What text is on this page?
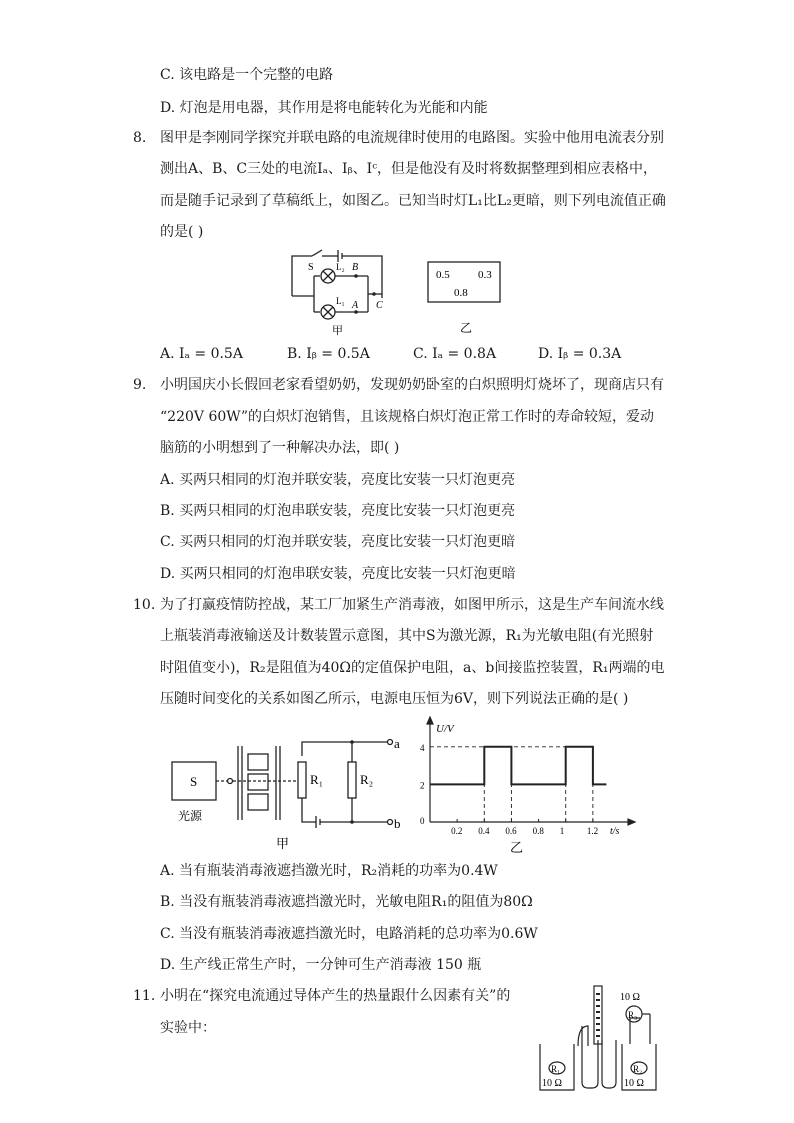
C. 该电路是一个完整的电路
D. 灯泡是用电器，其作用是将电能转化为光能和内能
8. 图甲是李刚同学探究并联电路的电流规律时使用的电路图。实验中他用电流表分别
测出A、B、C三处的电流Iₐ、Iᵦ、Iᶜ，但是他没有及时将数据整理到相应表格中，
而是随手记录到了草稿纸上，如图乙。已知当时灯L₁比L₂更暗，则下列电流值正确
的是( )
S L₂ B
L₁ A C
甲
0.5	0.3
0.8
乙
A. Iₐ = 0.5A	B. Iᵦ = 0.5A	C. Iₐ = 0.8A	D. Iᵦ = 0.3A
9. 小明国庆小长假回老家看望奶奶，发现奶奶卧室的白炽照明灯烧坏了，现商店只有
“220V 60W”的白炽灯泡销售，且该规格白炽灯泡正常工作时的寿命较短，爱动
脑筋的小明想到了一种解决办法，即( )
A. 买两只相同的灯泡并联安装，亮度比安装一只灯泡更亮
B. 买两只相同的灯泡串联安装，亮度比安装一只灯泡更亮
C. 买两只相同的灯泡并联安装，亮度比安装一只灯泡更暗
D. 买两只相同的灯泡串联安装，亮度比安装一只灯泡更暗
10. 为了打赢疫情防控战，某工厂加紧生产消毒液，如图甲所示，这是生产车间流水线
上瓶装消毒液输送及计数装置示意图，其中S为激光源，R₁为光敏电阻(有光照射
时阻值变小)，R₂是阻值为40Ω的定值保护电阻，a、b间接监控装置，R₁两端的电
压随时间变化的关系如图乙所示，电源电压恒为6V，则下列说法正确的是( )
S
光源
R₁	R₂
a
b
甲
0
0.2 0.4 0.6 0.8 1	1.2
2
4
U/V
t/s
乙
A. 当有瓶装消毒液遮挡激光时，R₂消耗的功率为0.4W
B. 当没有瓶装消毒液遮挡激光时，光敏电阻R₁的阻值为80Ω
C. 当没有瓶装消毒液遮挡激光时，电路消耗的总功率为0.6W
D. 生产线正常生产时，一分钟可生产消毒液 150 瓶
11. 小明在“探究电流通过导体产生的热量跟什么因素有关”的
实验中：
10 Ω
R₃
R₁
10 Ω
R₂
10 Ω
